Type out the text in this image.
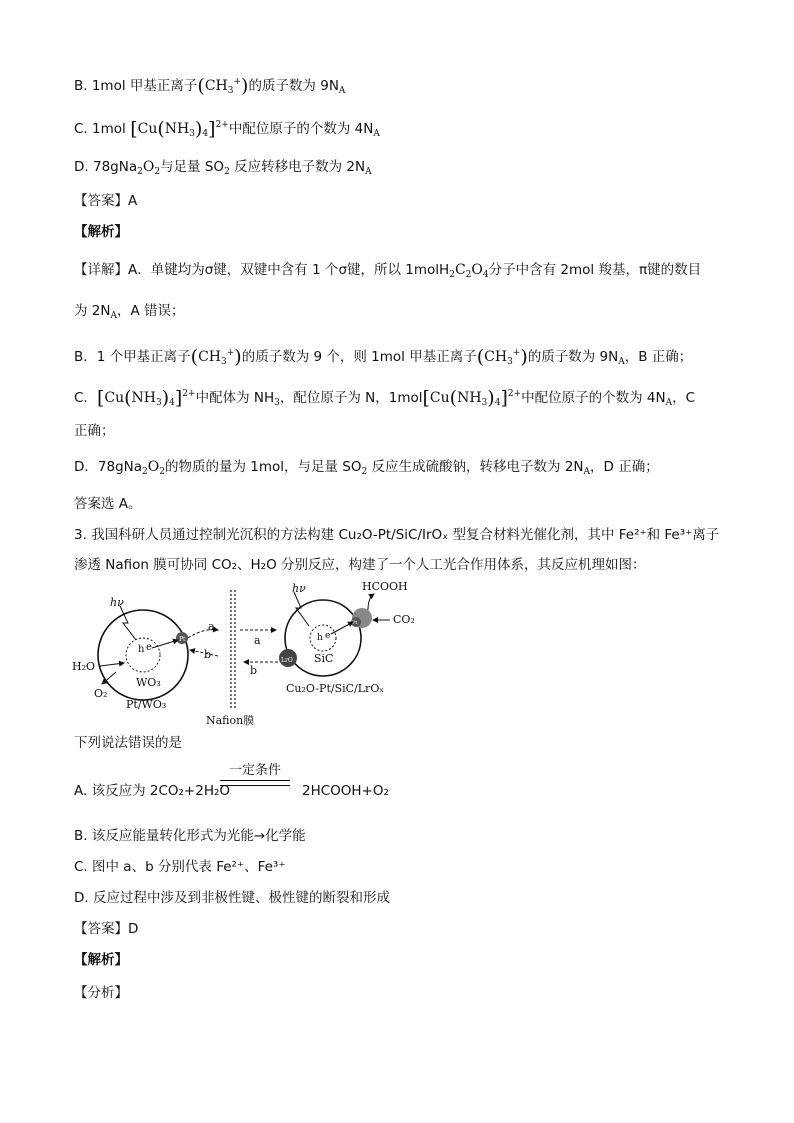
B. 1mol 甲基正离子$(CH_3^+)$的质子数为 $9N_A$
C. 1mol $[Cu(NH_3)_4]^{2+}$中配位原子的个数为 $4N_A$
D. $78gNa_2O_2$与足量 $SO_2$ 反应转移电子数为 $2N_A$
【答案】A
【解析】
【详解】A．单键均为σ键，双键中含有 1 个σ键，所以 $1molH_2C_2O_4$分子中含有 2mol 羧基，π键的数目
为 $2N_A$，A 错误；
B．1 个甲基正离子$(CH_3^+)$的质子数为 9 个，则 1mol 甲基正离子$(CH_3^+)$的质子数为 $9N_A$，B 正确；
C．$[Cu(NH_3)_4]^{2+}$中配体为 $NH_3$，配位原子为 N，$1mol[Cu(NH_3)_4]^{2+}$中配位原子的个数为 $4N_A$，C
正确；
D．$78gNa_2O_2$的物质的量为 1mol，与足量 $SO_2$ 反应生成硫酸钠，转移电子数为 $2N_A$，D 正确；
答案选 A。
3. 我国科研人员通过控制光沉积的方法构建 Cu₂O-Pt/SiC/IrOₓ 型复合材料光催化剂，其中 Fe²⁺和 Fe³⁺离子
渗透 Nafion 膜可协同 CO₂、H₂O 分别反应，构建了一个人工光合作用体系，其反应机理如图：
h e
Pt
hν
H₂O
O₂
WO₃
Pt/WO₃
a
b
Nafion膜
a
b
h e
SiC
LrO
Pt
hν	HCOOH
CO₂
Cu₂O-Pt/SiC/LrOₓ
下列说法错误的是
A. 该反应为 2CO₂+2H₂O	2HCOOH+O₂
一定条件
B. 该反应能量转化形式为光能→化学能
C. 图中 a、b 分别代表 Fe²⁺、Fe³⁺
D. 反应过程中涉及到非极性键、极性键的断裂和形成
【答案】D
【解析】
【分析】
